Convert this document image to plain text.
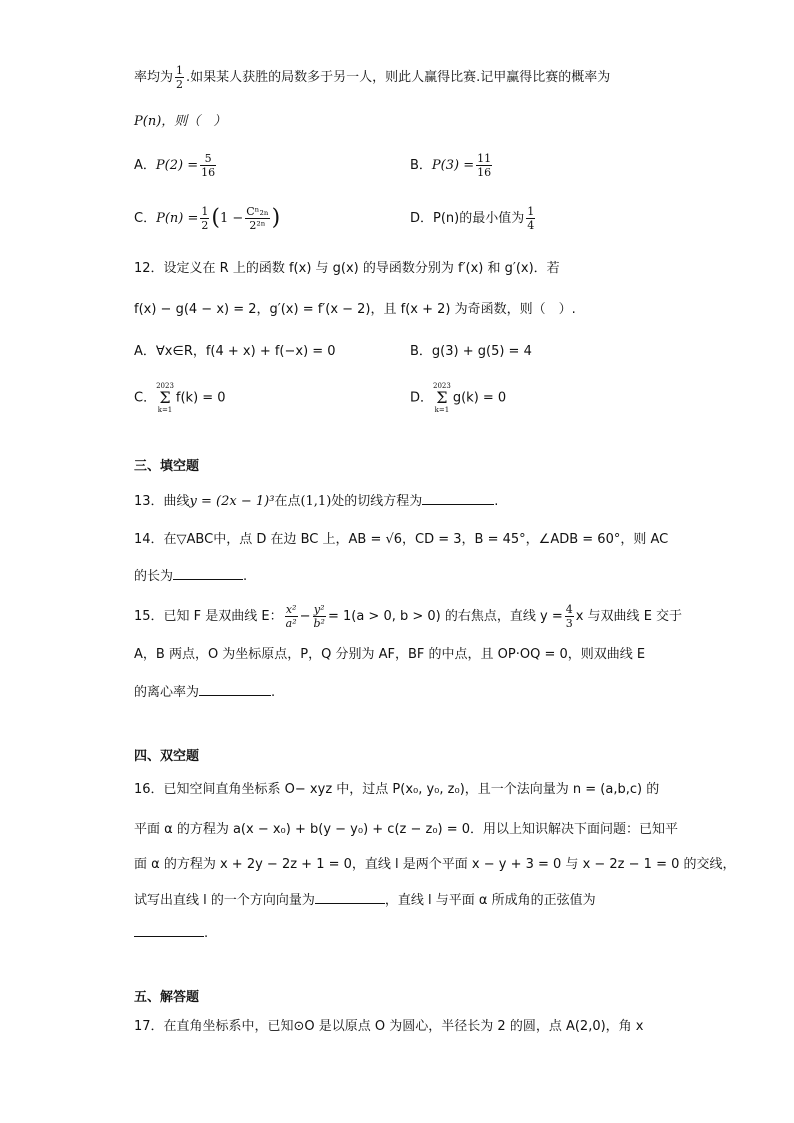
率均为 $\frac{1}{2}$ .如果某人获胜的局数多于另一人，则此人赢得比赛.记甲赢得比赛的概率为
P(n)，则（　）
A．$P(2) = \frac{5}{16}$	B．$P(3) = \frac{11}{16}$
C．$P(n) = \frac{1}{2} (1 - \frac{\text{Cⁿ₂ₙ}}{\text{2²ⁿ}}$ )	D．P(n)的最小值为 $\frac{1}{4}$
12．设定义在 R 上的函数 f(x) 与 g(x) 的导函数分别为 f′(x) 和 g′(x)．若
f(x) − g(4 − x) = 2，g′(x) = f′(x − 2)，且 f(x + 2) 为奇函数，则（　）.
A．∀x∈R，f(4 + x) + f(−x) = 0	B．g(3) + g(5) = 4
C．
2023
Σ
k=1
f(k) = 0	D．
2023
Σ
k=1
g(k) = 0
三、填空题
13．曲线y = (2x − 1)³在点(1,1)处的切线方程为	.
14．在▽ABC中，点 D 在边 BC 上，AB = √6，CD = 3，B = 45°，∠ADB = 60°，则 AC
的长为	.
15．已知 F 是双曲线 E： $\frac{\text{x²}}{\text{a²}} - \frac{\text{y²}}{\text{b²}} = 1(a > 0$, b > 0) 的右焦点，直线 $y = \frac{4}{3}$ x 与双曲线 E 交于
A，B 两点，O 为坐标原点，P，Q 分别为 AF，BF 的中点，且 OP·OQ = 0，则双曲线 E
的离心率为	.
四、双空题
16．已知空间直角坐标系 O− xyz 中，过点 P(x₀, y₀, z₀)，且一个法向量为 n = (a,b,c) 的
平面 α 的方程为 a(x − x₀) + b(y − y₀) + c(z − z₀) = 0．用以上知识解决下面问题：已知平
面 α 的方程为 x + 2y − 2z + 1 = 0，直线 l 是两个平面 x − y + 3 = 0 与 x − 2z − 1 = 0 的交线，
试写出直线 l 的一个方向向量为	，直线 l 与平面 α 所成角的正弦值为
.
五、解答题
17．在直角坐标系中，已知⊙O 是以原点 O 为圆心，半径长为 2 的圆，点 A(2,0)，角 x
